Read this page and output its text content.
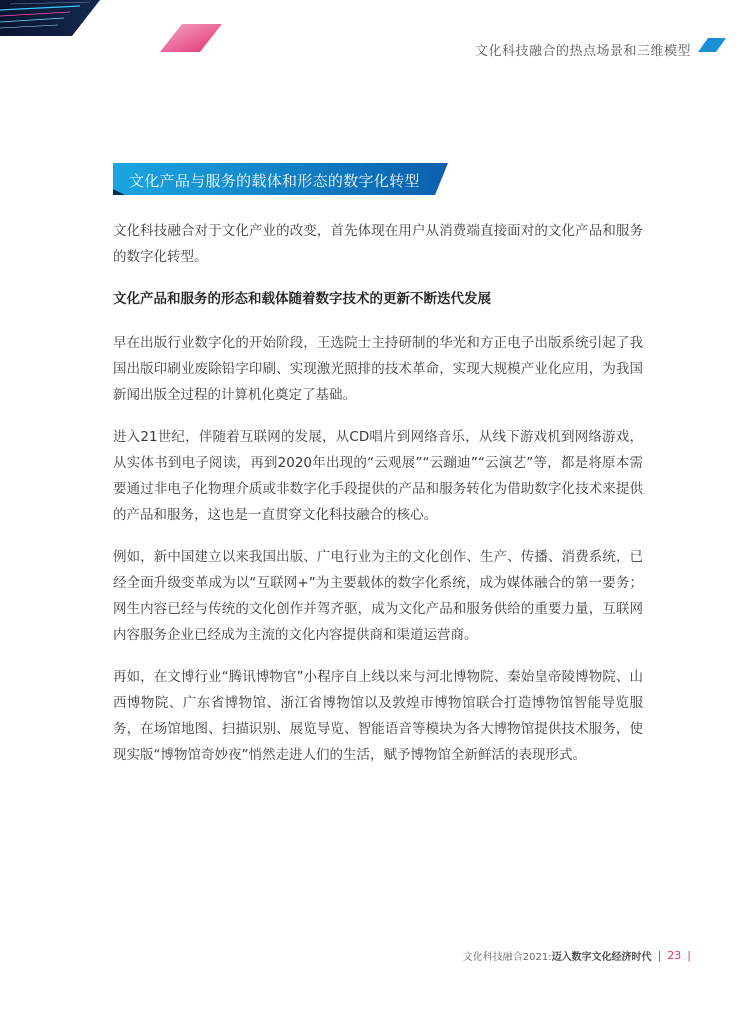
文化科技融合的热点场景和三维模型
文化产品与服务的载体和形态的数字化转型

文化科技融合对于文化产业的改变，首先体现在用户从消费端直接面对的文化产品和服务的数字化转型。

文化产品和服务的形态和载体随着数字技术的更新不断迭代发展

早在出版行业数字化的开始阶段，王选院士主持研制的华光和方正电子出版系统引起了我国出版印刷业废除铅字印刷、实现激光照排的技术革命，实现大规模产业化应用，为我国新闻出版全过程的计算机化奠定了基础。

进入21世纪，伴随着互联网的发展，从CD唱片到网络音乐，从线下游戏机到网络游戏，从实体书到电子阅读，再到2020年出现的“云观展”“云蹦迪”“云演艺”等，都是将原本需要通过非电子化物理介质或非数字化手段提供的产品和服务转化为借助数字化技术来提供的产品和服务，这也是一直贯穿文化科技融合的核心。

例如，新中国建立以来我国出版、广电行业为主的文化创作、生产、传播、消费系统，已经全面升级变革成为以“互联网+”为主要载体的数字化系统，成为媒体融合的第一要务；网生内容已经与传统的文化创作并驾齐驱，成为文化产品和服务供给的重要力量，互联网内容服务企业已经成为主流的文化内容提供商和渠道运营商。

再如，在文博行业“腾讯博物官”小程序自上线以来与河北博物院、秦始皇帝陵博物院、山西博物院、广东省博物馆、浙江省博物馆以及敦煌市博物馆联合打造博物馆智能导览服务，在场馆地图、扫描识别、展览导览、智能语音等模块为各大博物馆提供技术服务，使现实版“博物馆奇妙夜”悄然走进人们的生活，赋予博物馆全新鲜活的表现形式。

文化科技融合2021:迈入数字文化经济时代 | 23 |
